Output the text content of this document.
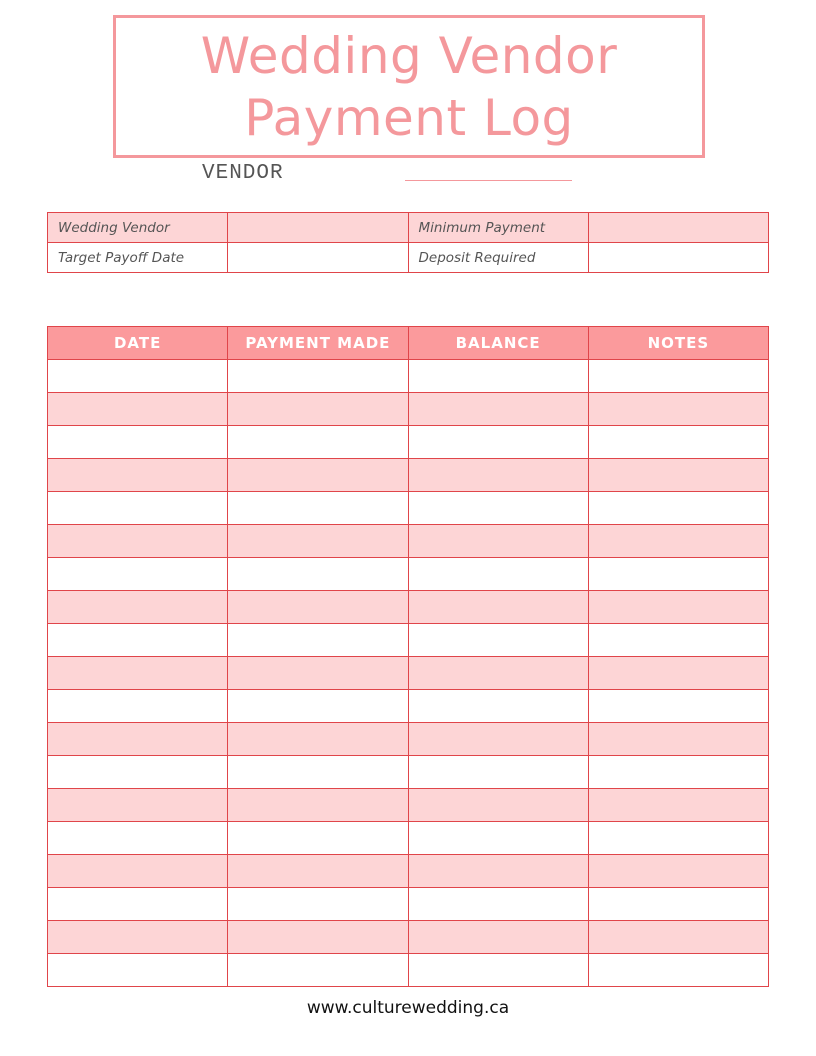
Wedding Vendor
Payment Log
VENDOR
Wedding Vendor		Minimum Payment	
Target Payoff Date		Deposit Required	
DATE	PAYMENT MADE	BALANCE	NOTES

www.culturewedding.ca
